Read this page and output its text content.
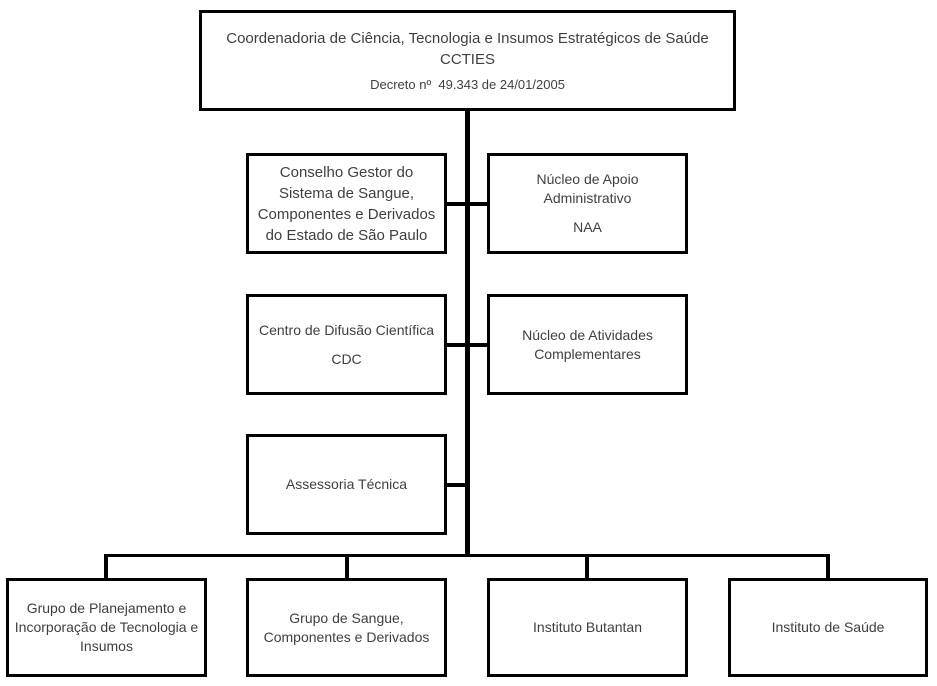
Coordenadoria de Ciência, Tecnologia e Insumos Estratégicos de Saúde
CCTIES
Decreto nº  49.343 de 24/01/2005
Conselho Gestor do
Sistema de Sangue,
Componentes e Derivados
do Estado de São Paulo
Núcleo de Apoio
Administrativo
NAA
Centro de Difusão Científica
CDC
Núcleo de Atividades
Complementares
Assessoria Técnica
Grupo de Planejamento e
Incorporação de Tecnologia e
Insumos
Grupo de Sangue,
Componentes e Derivados
Instituto Butantan	Instituto de Saúde
